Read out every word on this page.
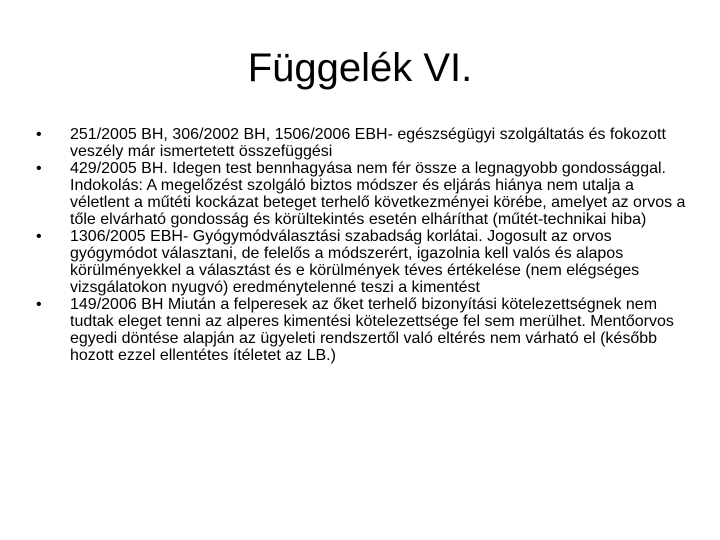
Függelék VI.
•	251/2005 BH, 306/2002 BH, 1506/2006 EBH- egészségügyi szolgáltatás és fokozott veszély már ismertetett összefüggési
•	429/2005 BH. Idegen test bennhagyása nem fér össze a legnagyobb gondossággal. Indokolás: A megelőzést szolgáló biztos módszer és eljárás hiánya nem utalja a véletlent a műtéti kockázat beteget terhelő következményei körébe, amelyet az orvos a tőle elvárható gondosság és körültekintés esetén elháríthat (műtét-technikai hiba)
•	1306/2005 EBH- Gyógymódválasztási szabadság korlátai. Jogosult az orvos gyógymódot választani, de felelős a módszerért, igazolnia kell valós és alapos körülményekkel a választást és e körülmények téves értékelése (nem elégséges vizsgálatokon nyugvó) eredménytelenné teszi a kimentést
•	149/2006 BH Miután a felperesek az őket terhelő bizonyítási kötelezettségnek nem tudtak eleget tenni az alperes kimentési kötelezettsége fel sem merülhet. Mentőorvos egyedi döntése alapján az ügyeleti rendszertől való eltérés nem várható el (később hozott ezzel ellentétes ítéletet az LB.)
